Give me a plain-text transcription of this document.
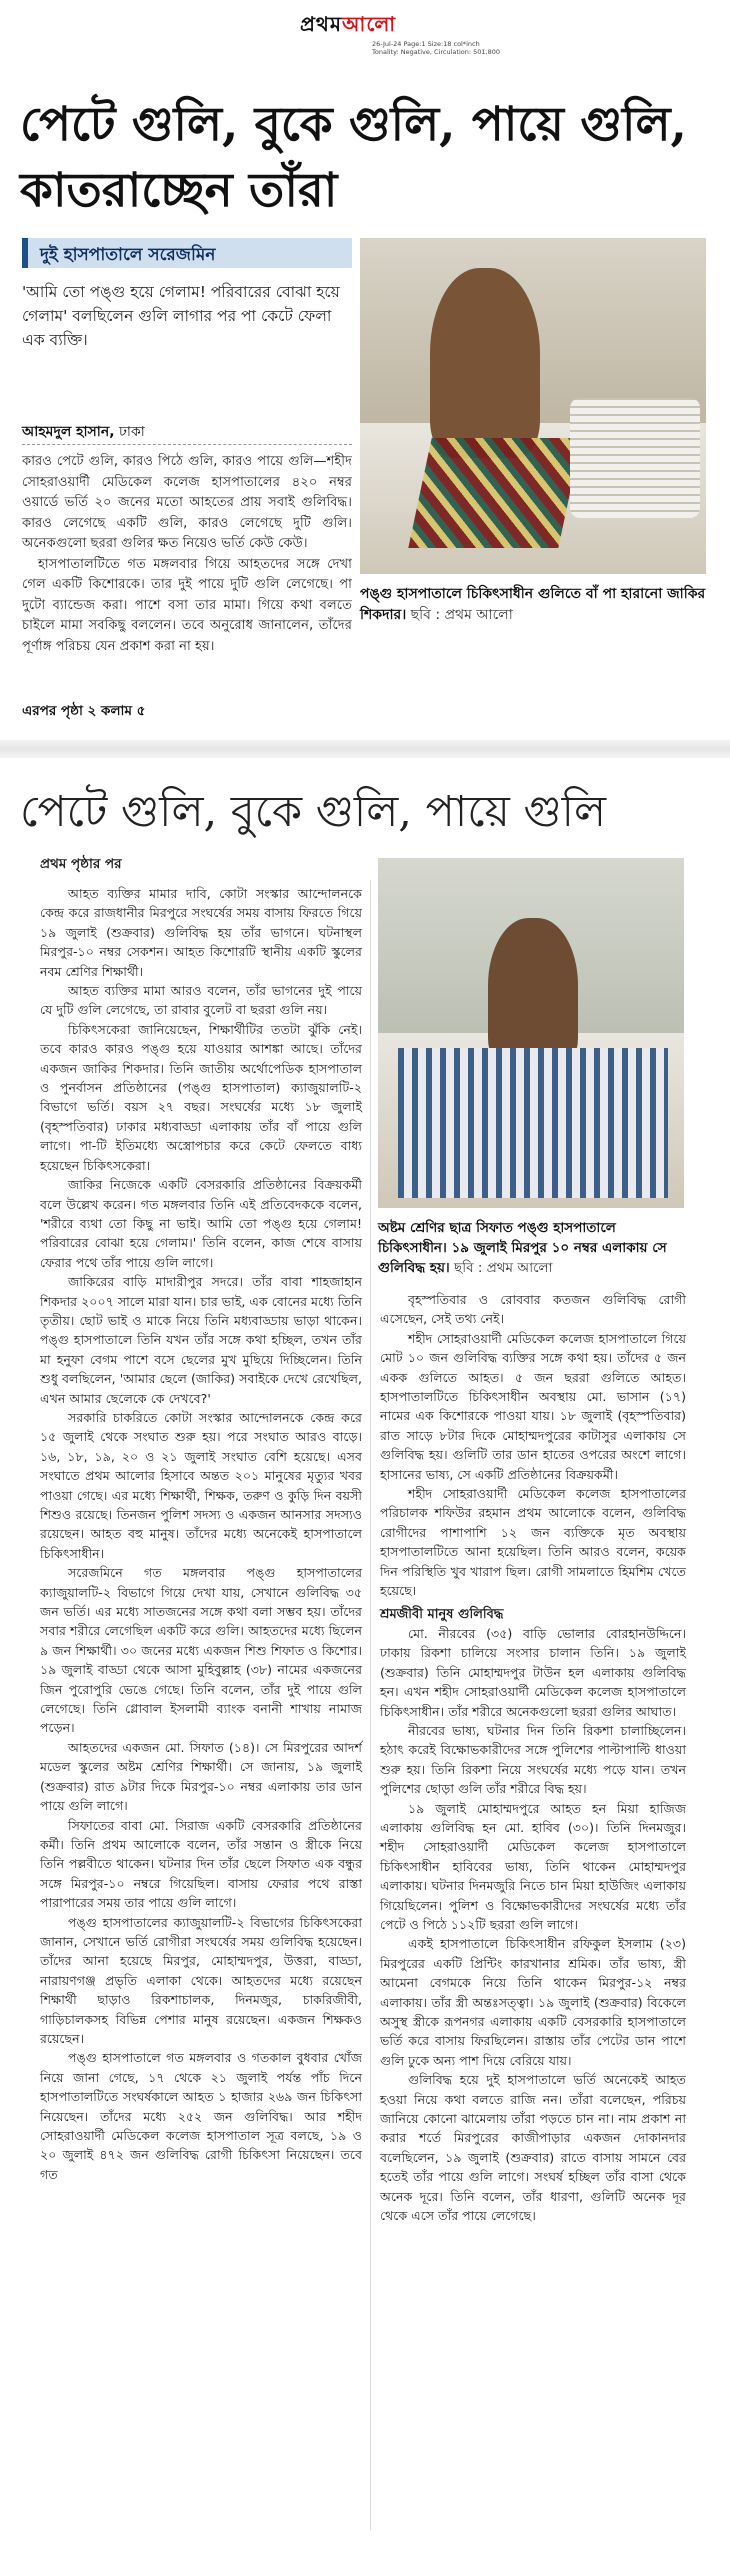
প্রথমআলো
26-Jul-24 Page:1 Size:18 col*inch
Tonality: Negative, Circulation: 501,800
পেটে গুলি, বুকে গুলি, পায়ে গুলি, কাতরাচ্ছেন তাঁরা
দুই হাসপাতালে সরেজমিন
'আমি তো পঙ্গু হয়ে গেলাম! পরিবারের বোঝা হয়ে গেলাম' বলছিলেন গুলি লাগার পর পা কেটে ফেলা এক ব্যক্তি।
আহমদুল হাসান, ঢাকা

কারও পেটে গুলি, কারও পিঠে গুলি, কারও পায়ে গুলি—শহীদ সোহরাওয়ার্দী মেডিকেল কলেজ হাসপাতালের ৪২০ নম্বর ওয়ার্ডে ভর্তি ২০ জনের মতো আহতের প্রায় সবাই গুলিবিদ্ধ। কারও লেগেছে একটি গুলি, কারও লেগেছে দুটি গুলি। অনেকগুলো ছররা গুলির ক্ষত নিয়েও ভর্তি কেউ কেউ।

হাসপাতালটিতে গত মঙ্গলবার গিয়ে আহতদের সঙ্গে দেখা গেল একটি কিশোরকে। তার দুই পায়ে দুটি গুলি লেগেছে। পা দুটো ব্যান্ডেজ করা। পাশে বসা তার মামা। গিয়ে কথা বলতে চাইলে মামা সবকিছু বললেন। তবে অনুরোধ জানালেন, তাঁদের পূর্ণাঙ্গ পরিচয় যেন প্রকাশ করা না হয়।

এরপর পৃষ্ঠা ২ কলাম ৫
পঙ্গু হাসপাতালে চিকিৎসাধীন গুলিতে বাঁ পা হারানো জাকির শিকদার। ছবি : প্রথম আলো
পেটে গুলি, বুকে গুলি, পায়ে গুলি
প্রথম পৃষ্ঠার পর
অষ্টম শ্রেণির ছাত্র সিফাত পঙ্গু হাসপাতালে চিকিৎসাধীন। ১৯ জুলাই মিরপুর ১০ নম্বর এলাকায় সে গুলিবিদ্ধ হয়। ছবি : প্রথম আলো

আহত ব্যক্তির মামার দাবি, কোটা সংস্কার আন্দোলনকে কেন্দ্র করে রাজধানীর মিরপুরে সংঘর্ষের সময় বাসায় ফিরতে গিয়ে ১৯ জুলাই (শুক্রবার) গুলিবিদ্ধ হয় তাঁর ভাগনে। ঘটনাস্থল মিরপুর-১০ নম্বর সেকশন। আহত কিশোরটি স্থানীয় একটি স্কুলের নবম শ্রেণির শিক্ষার্থী।

আহত ব্যক্তির মামা আরও বলেন, তাঁর ভাগনের দুই পায়ে যে দুটি গুলি লেগেছে, তা রাবার বুলেট বা ছররা গুলি নয়।

চিকিৎসকেরা জানিয়েছেন, শিক্ষার্থীটির ততটা ঝুঁকি নেই। তবে কারও কারও পঙ্গু হয়ে যাওয়ার আশঙ্কা আছে। তাঁদের একজন জাকির শিকদার। তিনি জাতীয় অর্থোপেডিক হাসপাতাল ও পুনর্বাসন প্রতিষ্ঠানের (পঙ্গু হাসপাতাল) ক্যাজুয়ালটি-২ বিভাগে ভর্তি। বয়স ২৭ বছর। সংঘর্ষের মধ্যে ১৮ জুলাই (বৃহস্পতিবার) ঢাকার মধ্যবাড্ডা এলাকায় তাঁর বাঁ পায়ে গুলি লাগে। পা-টি ইতিমধ্যে অস্ত্রোপচার করে কেটে ফেলতে বাধ্য হয়েছেন চিকিৎসকেরা।

জাকির নিজেকে একটি বেসরকারি প্রতিষ্ঠানের বিক্রয়কর্মী বলে উল্লেখ করেন। গত মঙ্গলবার তিনি এই প্রতিবেদককে বলেন, 'শরীরে ব্যথা তো কিছু না ভাই। আমি তো পঙ্গু হয়ে গেলাম! পরিবারের বোঝা হয়ে গেলাম।' তিনি বলেন, কাজ শেষে বাসায় ফেরার পথে তাঁর পায়ে গুলি লাগে।

জাকিরের বাড়ি মাদারীপুর সদরে। তাঁর বাবা শাহজাহান শিকদার ২০০৭ সালে মারা যান। চার ভাই, এক বোনের মধ্যে তিনি তৃতীয়। ছোট ভাই ও মাকে নিয়ে তিনি মধ্যবাড্ডায় ভাড়া থাকেন। পঙ্গু হাসপাতালে তিনি যখন তাঁর সঙ্গে কথা হচ্ছিল, তখন তাঁর মা হনুফা বেগম পাশে বসে ছেলের মুখ মুছিয়ে দিচ্ছিলেন। তিনি শুধু বলছিলেন, 'আমার ছেলে (জাকির) সবাইকে দেখে রেখেছিল, এখন আমার ছেলেকে কে দেখবে?'

সরকারি চাকরিতে কোটা সংস্কার আন্দোলনকে কেন্দ্র করে ১৫ জুলাই থেকে সংঘাত শুরু হয়। পরে সংঘাত আরও বাড়ে। ১৬, ১৮, ১৯, ২০ ও ২১ জুলাই সংঘাত বেশি হয়েছে। এসব সংঘাতে প্রথম আলোর হিসাবে অন্তত ২০১ মানুষের মৃত্যুর খবর পাওয়া গেছে। এর মধ্যে শিক্ষার্থী, শিক্ষক, তরুণ ও কুড়ি দিন বয়সী শিশুও রয়েছে। তিনজন পুলিশ সদস্য ও একজন আনসার সদস্যও রয়েছেন। আহত বহু মানুষ। তাঁদের মধ্যে অনেকেই হাসপাতালে চিকিৎসাধীন।

সরেজমিনে গত মঙ্গলবার পঙ্গু হাসপাতালের ক্যাজুয়ালটি-২ বিভাগে গিয়ে দেখা যায়, সেখানে গুলিবিদ্ধ ৩৫ জন ভর্তি। এর মধ্যে সাতজনের সঙ্গে কথা বলা সম্ভব হয়। তাঁদের সবার শরীরে লেগেছিল একটি করে গুলি। আহতদের মধ্যে ছিলেন ৯ জন শিক্ষার্থী। ৩০ জনের মধ্যে একজন শিশু শিফাত ও কিশোর। ১৯ জুলাই বাড্ডা থেকে আসা মুহিবুল্লাহ (৩৮) নামের একজনের জিন পুরোপুরি ভেঙে গেছে। তিনি বলেন, তাঁর দুই পায়ে গুলি লেগেছে। তিনি গ্লোবাল ইসলামী ব্যাংক বনানী শাখায় নামাজ পড়েন।

আহতদের একজন মো. সিফাত (১৪)। সে মিরপুরের আদর্শ মডেল স্কুলের অষ্টম শ্রেণির শিক্ষার্থী। সে জানায়, ১৯ জুলাই (শুক্রবার) রাত ৯টার দিকে মিরপুর-১০ নম্বর এলাকায় তার ডান পায়ে গুলি লাগে।

সিফাতের বাবা মো. সিরাজ একটি বেসরকারি প্রতিষ্ঠানের কর্মী। তিনি প্রথম আলোকে বলেন, তাঁর সন্তান ও স্ত্রীকে নিয়ে তিনি পল্লবীতে থাকেন। ঘটনার দিন তাঁর ছেলে সিফাত এক বন্ধুর সঙ্গে মিরপুর-১০ নম্বরে গিয়েছিল। বাসায় ফেরার পথে রাস্তা পারাপারের সময় তার পায়ে গুলি লাগে।

পঙ্গু হাসপাতালের ক্যাজুয়ালটি-২ বিভাগের চিকিৎসকেরা জানান, সেখানে ভর্তি রোগীরা সংঘর্ষের সময় গুলিবিদ্ধ হয়েছেন। তাঁদের আনা হয়েছে মিরপুর, মোহাম্মদপুর, উত্তরা, বাড্ডা, নারায়ণগঞ্জ প্রভৃতি এলাকা থেকে। আহতদের মধ্যে রয়েছেন শিক্ষার্থী ছাড়াও রিকশাচালক, দিনমজুর, চাকরিজীবী, গাড়িচালকসহ বিভিন্ন পেশার মানুষ রয়েছেন। একজন শিক্ষকও রয়েছেন।

পঙ্গু হাসপাতালে গত মঙ্গলবার ও গতকাল বুধবার খোঁজ নিয়ে জানা গেছে, ১৭ থেকে ২১ জুলাই পর্যন্ত পাঁচ দিনে হাসপাতালটিতে সংঘর্ষকালে আহত ১ হাজার ২৬৯ জন চিকিৎসা নিয়েছেন। তাঁদের মধ্যে ২৫২ জন গুলিবিদ্ধ। আর শহীদ সোহরাওয়ার্দী মেডিকেল কলেজ হাসপাতাল সূত্র বলছে, ১৯ ও ২০ জুলাই ৪৭২ জন গুলিবিদ্ধ রোগী চিকিৎসা নিয়েছেন। তবে গত

বৃহস্পতিবার ও রোববার কতজন গুলিবিদ্ধ রোগী এসেছেন, সেই তথ্য নেই।

শহীদ সোহরাওয়ার্দী মেডিকেল কলেজ হাসপাতালে গিয়ে মোট ১০ জন গুলিবিদ্ধ ব্যক্তির সঙ্গে কথা হয়। তাঁদের ৫ জন একক গুলিতে আহত। ৫ জন ছররা গুলিতে আহত। হাসপাতালটিতে চিকিৎসাধীন অবস্থায় মো. ভাসান (১৭) নামের এক কিশোরকে পাওয়া যায়। ১৮ জুলাই (বৃহস্পতিবার) রাত সাড়ে ৮টার দিকে মোহাম্মদপুরের কাটাসুর এলাকায় সে গুলিবিদ্ধ হয়। গুলিটি তার ডান হাতের ওপরের অংশে লাগে। হাসানের ভাষ্য, সে একটি প্রতিষ্ঠানের বিক্রয়কর্মী।

শহীদ সোহরাওয়ার্দী মেডিকেল কলেজ হাসপাতালের পরিচালক শফিউর রহমান প্রথম আলোকে বলেন, গুলিবিদ্ধ রোগীদের পাশাপাশি ১২ জন ব্যক্তিকে মৃত অবস্থায় হাসপাতালটিতে আনা হয়েছিল। তিনি আরও বলেন, কয়েক দিন পরিস্থিতি খুব খারাপ ছিল। রোগী সামলাতে হিমশিম খেতে হয়েছে।

শ্রমজীবী মানুষ গুলিবিদ্ধ

মো. নীরবের (৩৫) বাড়ি ভোলার বোরহানউদ্দিনে। ঢাকায় রিকশা চালিয়ে সংসার চালান তিনি। ১৯ জুলাই (শুক্রবার) তিনি মোহাম্মদপুর টাউন হল এলাকায় গুলিবিদ্ধ হন। এখন শহীদ সোহরাওয়ার্দী মেডিকেল কলেজ হাসপাতালে চিকিৎসাধীন। তাঁর শরীরে অনেকগুলো ছররা গুলির আঘাত।

নীরবের ভাষ্য, ঘটনার দিন তিনি রিকশা চালাচ্ছিলেন। হঠাৎ করেই বিক্ষোভকারীদের সঙ্গে পুলিশের পাল্টাপাল্টি ধাওয়া শুরু হয়। তিনি রিকশা নিয়ে সংঘর্ষের মধ্যে পড়ে যান। তখন পুলিশের ছোড়া গুলি তাঁর শরীরে বিদ্ধ হয়।

১৯ জুলাই মোহাম্মদপুরে আহত হন মিয়া হাজিজ এলাকায় গুলিবিদ্ধ হন মো. হাবিব (৩০)। তিনি দিনমজুর। শহীদ সোহরাওয়ার্দী মেডিকেল কলেজ হাসপাতালে চিকিৎসাধীন হাবিবের ভাষ্য, তিনি থাকেন মোহাম্মদপুর এলাকায়। ঘটনার দিনমজুরি নিতে চান মিয়া হাউজিং এলাকায় গিয়েছিলেন। পুলিশ ও বিক্ষোভকারীদের সংঘর্ষের মধ্যে তাঁর পেটে ও পিঠে ১১২টি ছররা গুলি লাগে।

একই হাসপাতালে চিকিৎসাধীন রফিকুল ইসলাম (২৩) মিরপুরের একটি প্রিন্টিং কারখানার শ্রমিক। তাঁর ভাষ্য, স্ত্রী আমেনা বেগমকে নিয়ে তিনি থাকেন মিরপুর-১২ নম্বর এলাকায়। তাঁর স্ত্রী অন্তঃসত্ত্বা। ১৯ জুলাই (শুক্রবার) বিকেলে অসুস্থ স্ত্রীকে রূপনগর এলাকায় একটি বেসরকারি হাসপাতালে ভর্তি করে বাসায় ফিরছিলেন। রাস্তায় তাঁর পেটের ডান পাশে গুলি ঢুকে অন্য পাশ দিয়ে বেরিয়ে যায়।

গুলিবিদ্ধ হয়ে দুই হাসপাতালে ভর্তি অনেকেই আহত হওয়া নিয়ে কথা বলতে রাজি নন। তাঁরা বলেছেন, পরিচয় জানিয়ে কোনো ঝামেলায় তাঁরা পড়তে চান না। নাম প্রকাশ না করার শর্তে মিরপুরের কাজীপাড়ার একজন দোকানদার বলেছিলেন, ১৯ জুলাই (শুক্রবার) রাতে বাসায় সামনে বের হতেই তাঁর পায়ে গুলি লাগে। সংঘর্ষ হচ্ছিল তাঁর বাসা থেকে অনেক দূরে। তিনি বলেন, তাঁর ধারণা, গুলিটি অনেক দূর থেকে এসে তাঁর পায়ে লেগেছে।
